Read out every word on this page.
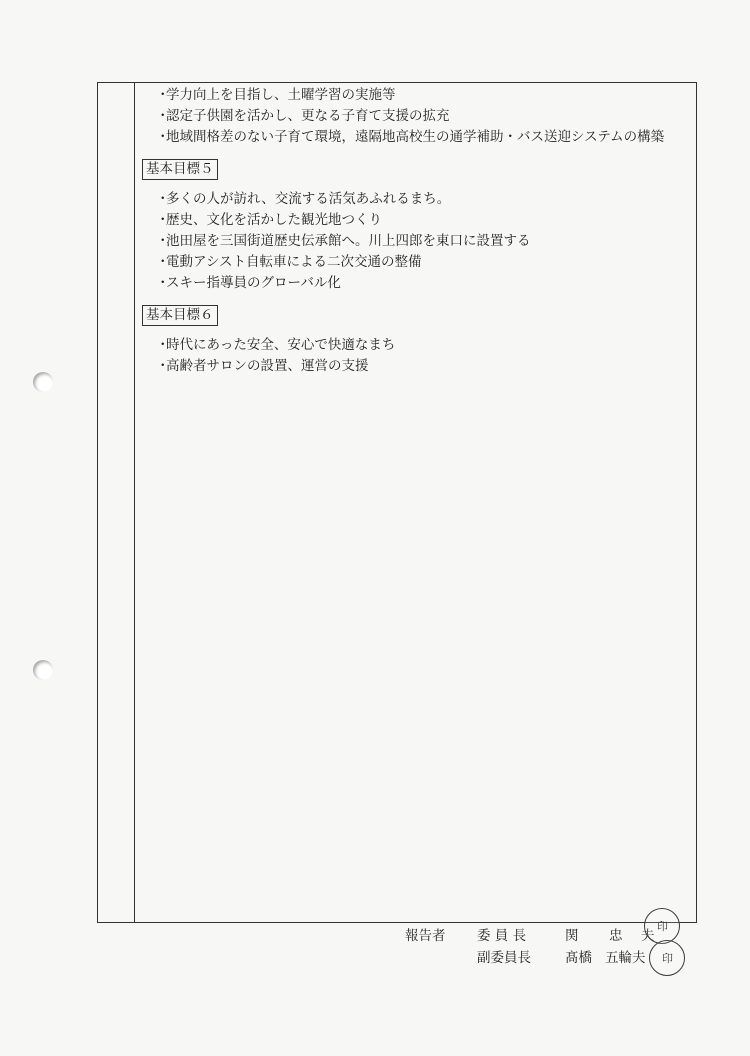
・
学力向上を目指し、土曜学習の実施等

・
認定子供園を活かし、更なる子育て支援の拡充

・
地域間格差のない子育て環境，遠隔地高校生の通学補助・バス送迎システムの構築

基本目標５

・
多くの人が訪れ、交流する活気あふれるまち。

・
歴史、文化を活かした観光地つくり

・
池田屋を三国街道歴史伝承館へ。川上四郎を東口に設置する

・
電動アシスト自転車による二次交通の整備

・
スキー指導員のグローバル化

基本目標６

・
時代にあった安全、安心で快適なまち

・
高齢者サロンの設置、運営の支援

報告者 委 員 長	関 忠 夫
副委員長	髙橋 五輪夫
印
印
